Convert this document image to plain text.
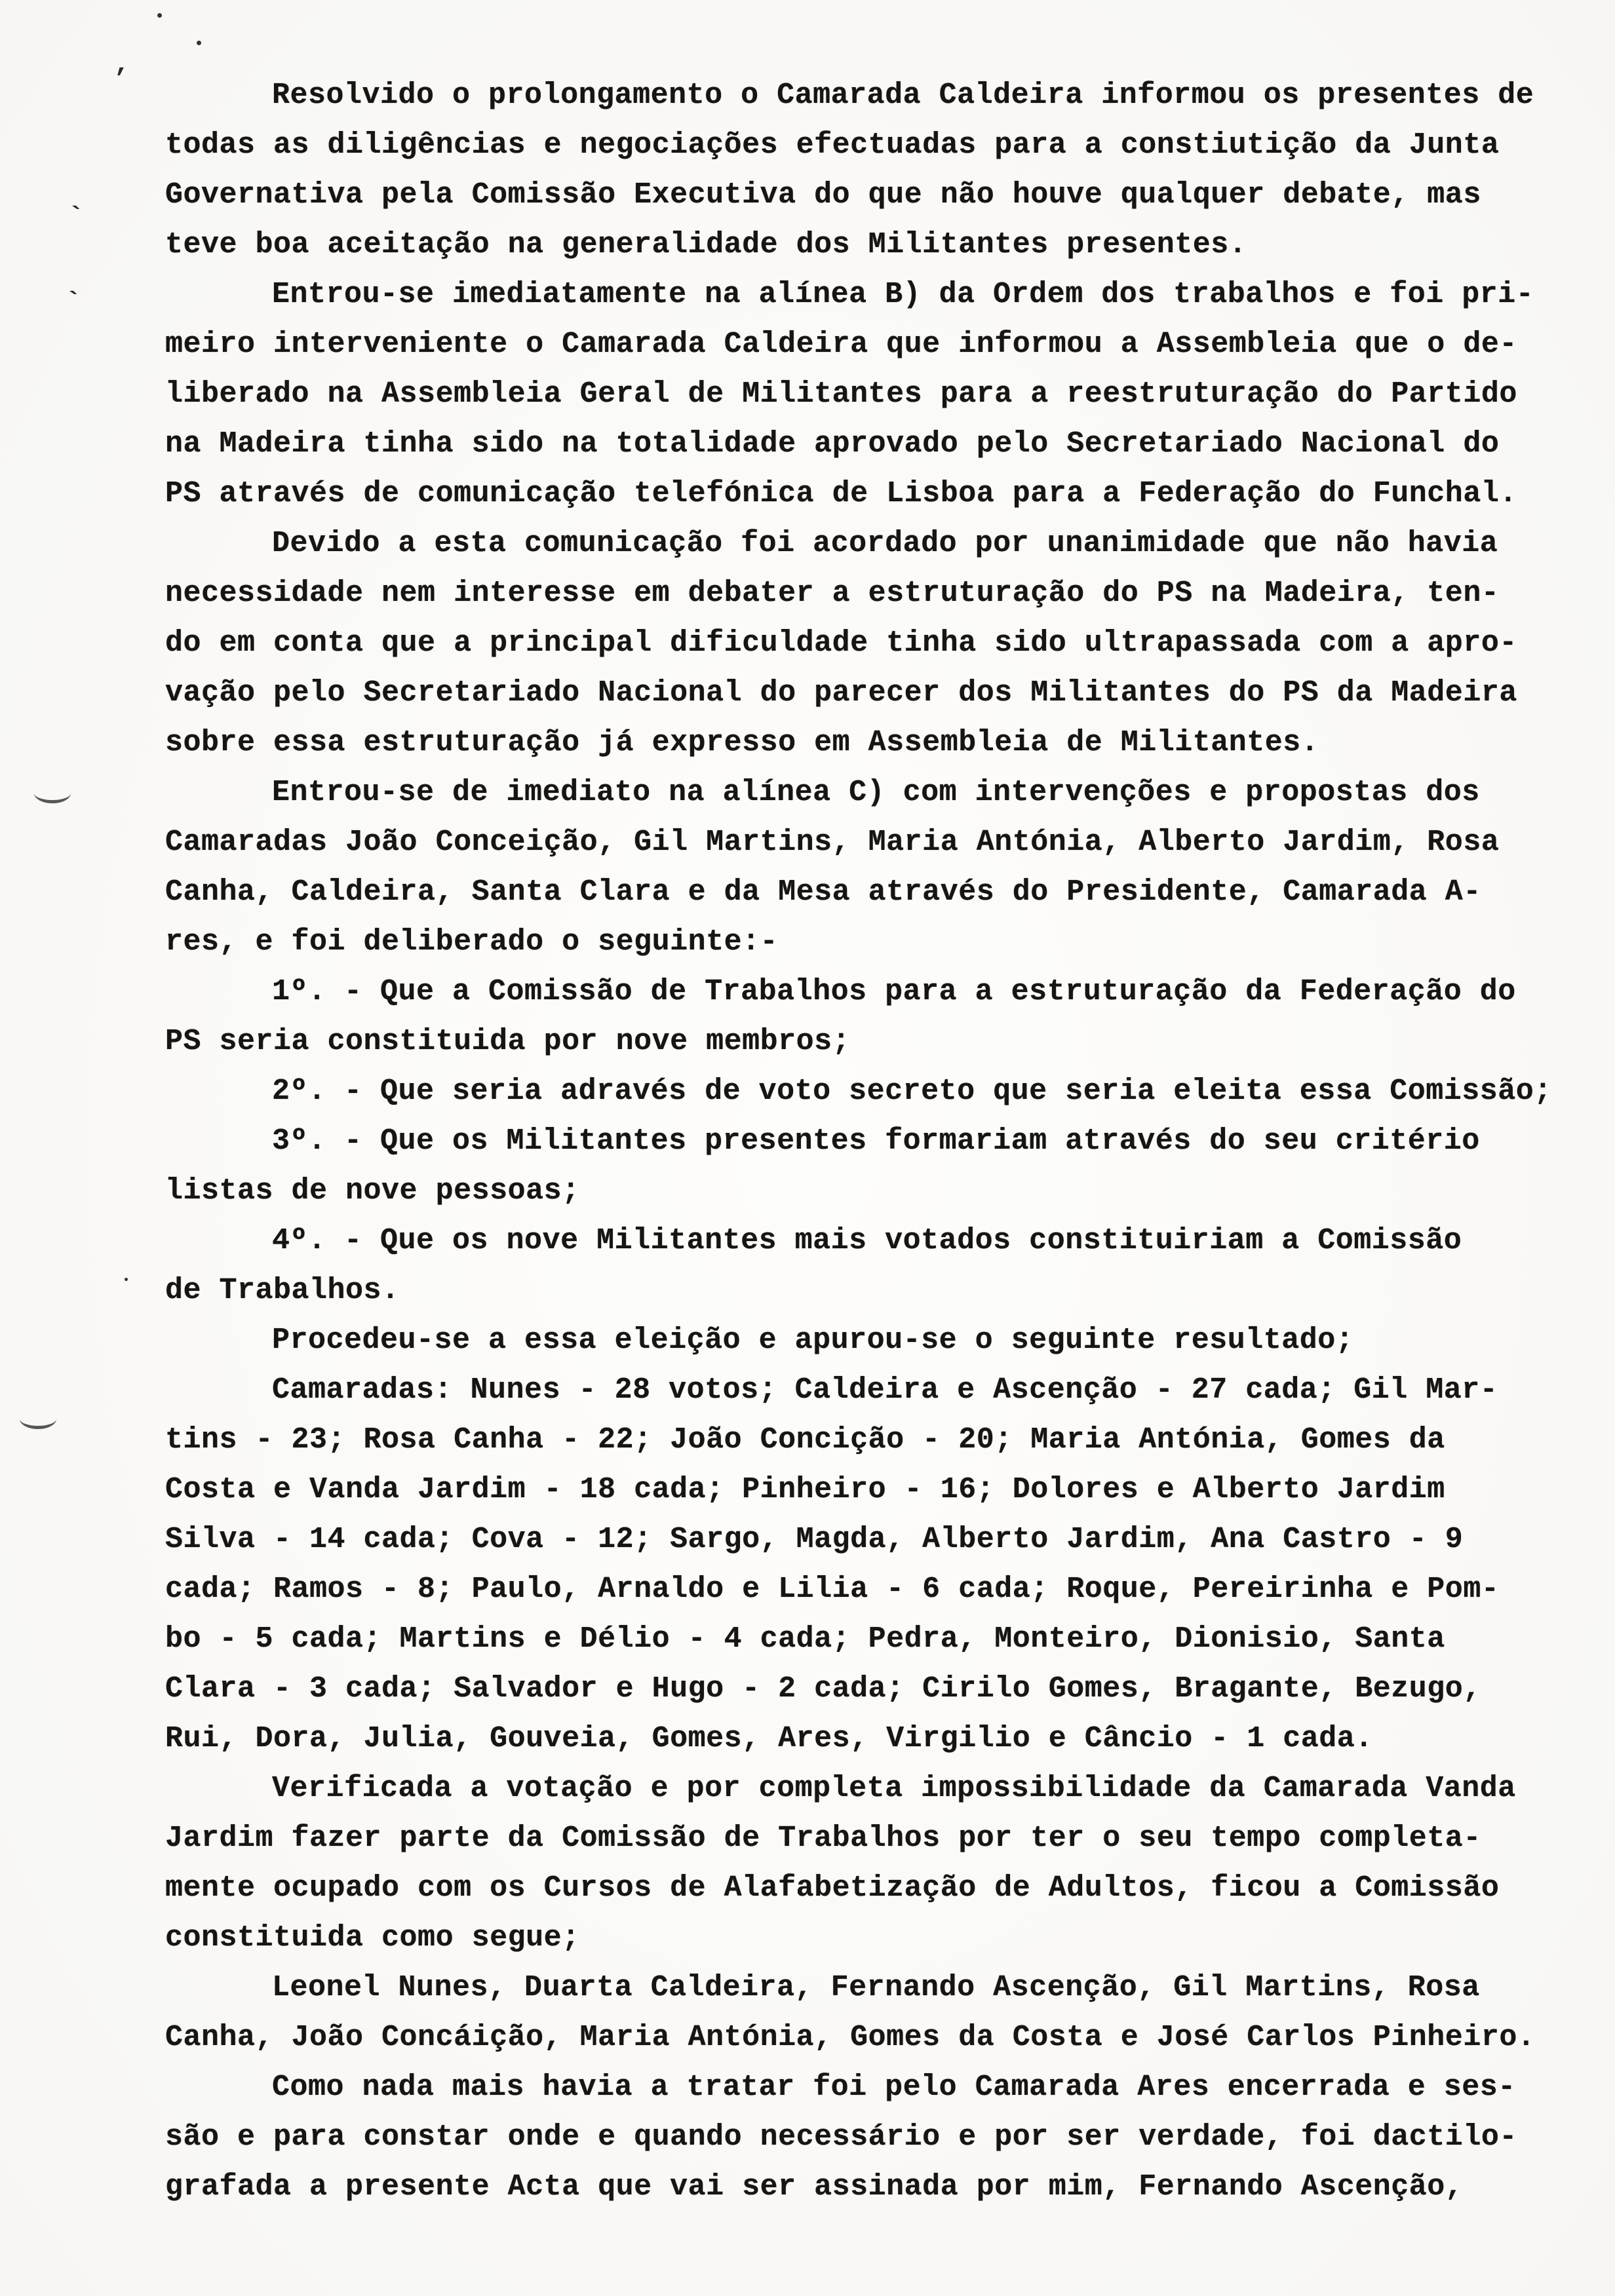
’
`
`
Resolvido o prolongamento o Camarada Caldeira informou os presentes de
todas as diligências e negociações efectuadas para a constiutição da Junta
Governativa pela Comissão Executiva do que não houve qualquer debate, mas
teve boa aceitação na generalidade dos Militantes presentes.
Entrou-se imediatamente na alínea B) da Ordem dos trabalhos e foi pri-
meiro interveniente o Camarada Caldeira que informou a Assembleia que o de-
liberado na Assembleia Geral de Militantes para a reestruturação do Partido
na Madeira tinha sido na totalidade aprovado pelo Secretariado Nacional do
PS através de comunicação telefónica de Lisboa para a Federação do Funchal.
Devido a esta comunicação foi acordado por unanimidade que não havia
necessidade nem interesse em debater a estruturação do PS na Madeira, ten-
do em conta que a principal dificuldade tinha sido ultrapassada com a apro-
vação pelo Secretariado Nacional do parecer dos Militantes do PS da Madeira
sobre essa estruturação já expresso em Assembleia de Militantes.
Entrou-se de imediato na alínea C) com intervenções e propostas dos
Camaradas João Conceição, Gil Martins, Maria Antónia, Alberto Jardim, Rosa
Canha, Caldeira, Santa Clara e da Mesa através do Presidente, Camarada A-
res, e foi deliberado o seguinte:-
1º. - Que a Comissão de Trabalhos para a estruturação da Federação do
PS seria constituida por nove membros;
2º. - Que seria adravés de voto secreto que seria eleita essa Comissão;
3º. - Que os Militantes presentes formariam através do seu critério
listas de nove pessoas;
4º. - Que os nove Militantes mais votados constituiriam a Comissão
de Trabalhos.
Procedeu-se a essa eleição e apurou-se o seguinte resultado;
Camaradas: Nunes - 28 votos; Caldeira e Ascenção - 27 cada; Gil Mar-
tins - 23; Rosa Canha - 22; João Concição - 20; Maria Antónia, Gomes da
Costa e Vanda Jardim - 18 cada; Pinheiro - 16; Dolores e Alberto Jardim
Silva - 14 cada; Cova - 12; Sargo, Magda, Alberto Jardim, Ana Castro - 9
cada; Ramos - 8; Paulo, Arnaldo e Lilia - 6 cada; Roque, Pereirinha e Pom-
bo - 5 cada; Martins e Délio - 4 cada; Pedra, Monteiro, Dionisio, Santa
Clara - 3 cada; Salvador e Hugo - 2 cada; Cirilo Gomes, Bragante, Bezugo,
Rui, Dora, Julia, Gouveia, Gomes, Ares, Virgilio e Câncio - 1 cada.
Verificada a votação e por completa impossibilidade da Camarada Vanda
Jardim fazer parte da Comissão de Trabalhos por ter o seu tempo completa-
mente ocupado com os Cursos de Alafabetização de Adultos, ficou a Comissão
constituida como segue;
Leonel Nunes, Duarta Caldeira, Fernando Ascenção, Gil Martins, Rosa
Canha, João Concáição, Maria Antónia, Gomes da Costa e José Carlos Pinheiro.
Como nada mais havia a tratar foi pelo Camarada Ares encerrada e ses-
são e para constar onde e quando necessário e por ser verdade, foi dactilo-
grafada a presente Acta que vai ser assinada por mim, Fernando Ascenção,
